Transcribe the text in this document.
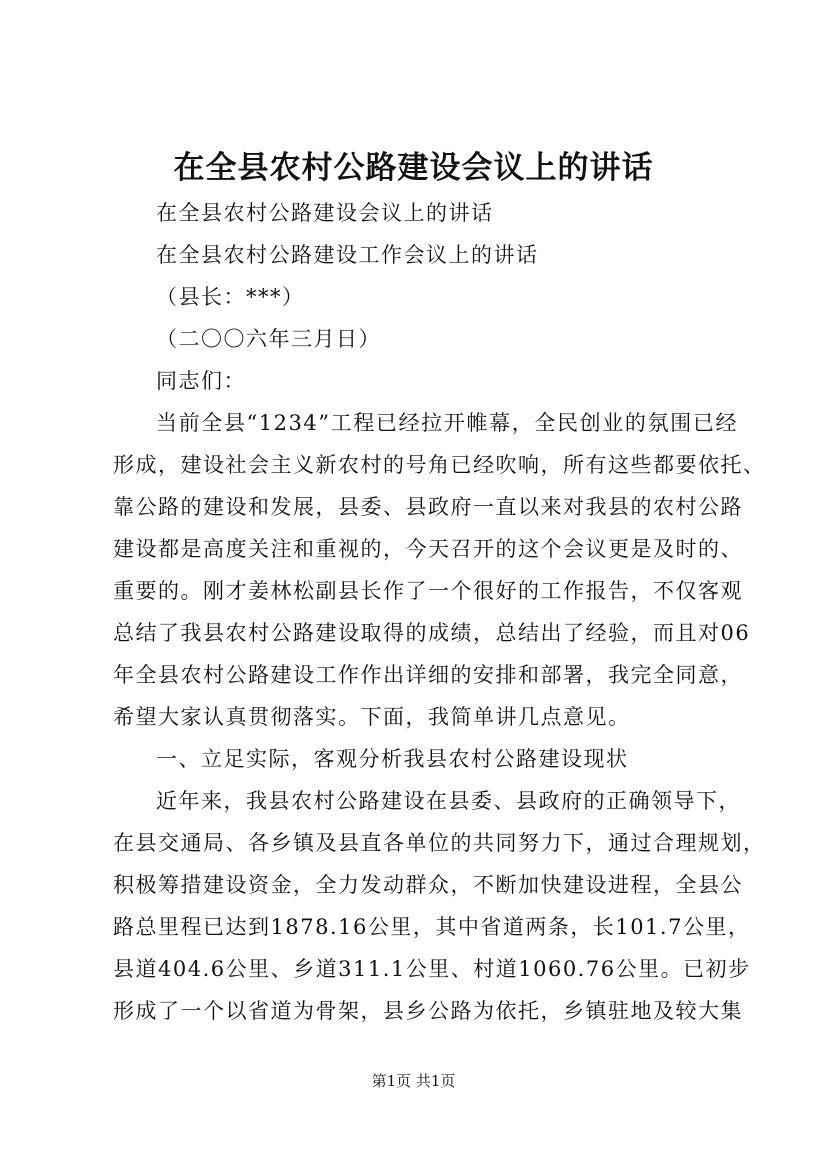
在全县农村公路建设会议上的讲话
在全县农村公路建设会议上的讲话
在全县农村公路建设工作会议上的讲话
（县长：***）
（二〇〇六年三月日）
同志们：
当前全县“1234”工程已经拉开帷幕，全民创业的氛围已经
形成，建设社会主义新农村的号角已经吹响，所有这些都要依托、
靠公路的建设和发展，县委、县政府一直以来对我县的农村公路
建设都是高度关注和重视的，今天召开的这个会议更是及时的、
重要的。刚才姜林松副县长作了一个很好的工作报告，不仅客观
总结了我县农村公路建设取得的成绩，总结出了经验，而且对06
年全县农村公路建设工作作出详细的安排和部署，我完全同意，
希望大家认真贯彻落实。下面，我简单讲几点意见。
一、立足实际，客观分析我县农村公路建设现状
近年来，我县农村公路建设在县委、县政府的正确领导下，
在县交通局、各乡镇及县直各单位的共同努力下，通过合理规划，
积极筹措建设资金，全力发动群众，不断加快建设进程，全县公
路总里程已达到1878.16公里，其中省道两条，长101.7公里，
县道404.6公里、乡道311.1公里、村道1060.76公里。已初步
形成了一个以省道为骨架，县乡公路为依托，乡镇驻地及较大集
第1页 共1页
